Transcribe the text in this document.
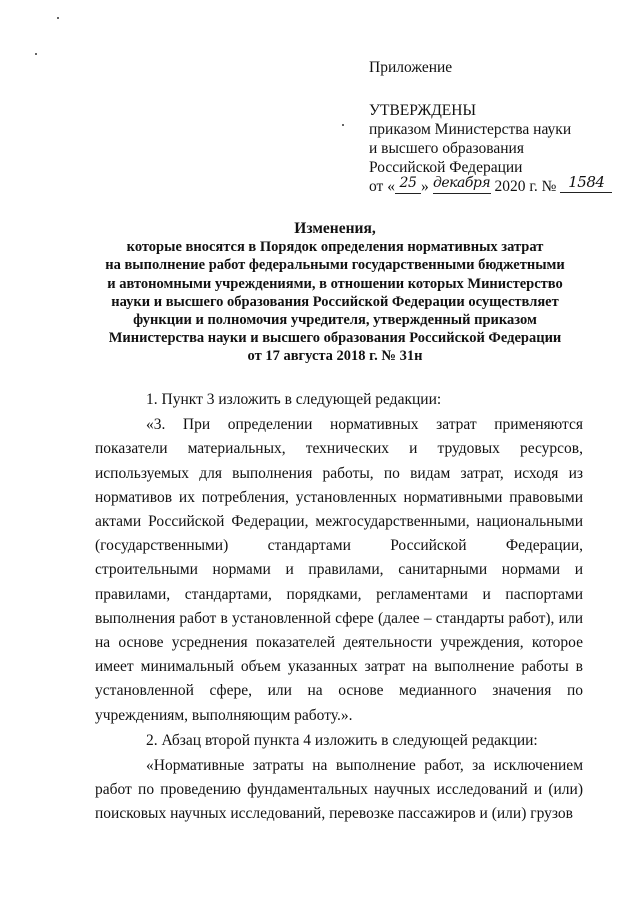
Приложение
УТВЕРЖДЕНЫ
приказом Министерства науки
и высшего образования
Российской Федерации
от « 25 » декабря 2020 г. № 1584
Изменения,
которые вносятся в Порядок определения нормативных затрат
на выполнение работ федеральными государственными бюджетными
и автономными учреждениями, в отношении которых Министерство
науки и высшего образования Российской Федерации осуществляет
функции и полномочия учредителя, утвержденный приказом
Министерства науки и высшего образования Российской Федерации
от 17 августа 2018 г. № 31н

1. Пункт 3 изложить в следующей редакции:

«3. При определении нормативных затрат применяются показатели материальных, технических и трудовых ресурсов, используемых для выполнения работы, по видам затрат, исходя из нормативов их потребления, установленных нормативными правовыми актами Российской Федерации, межгосударственными, национальными (государственными) стандартами Российской Федерации, строительными нормами и правилами, санитарными нормами и правилами, стандартами, порядками, регламентами и паспортами выполнения работ в установленной сфере (далее – стандарты работ), или на основе усреднения показателей деятельности учреждения, которое имеет минимальный объем указанных затрат на выполнение работы в установленной сфере, или на основе медианного значения по учреждениям, выполняющим работу.».

2. Абзац второй пункта 4 изложить в следующей редакции:

«Нормативные затраты на выполнение работ, за исключением работ по проведению фундаментальных научных исследований и (или) поисковых научных исследований, перевозке пассажиров и (или) грузов
